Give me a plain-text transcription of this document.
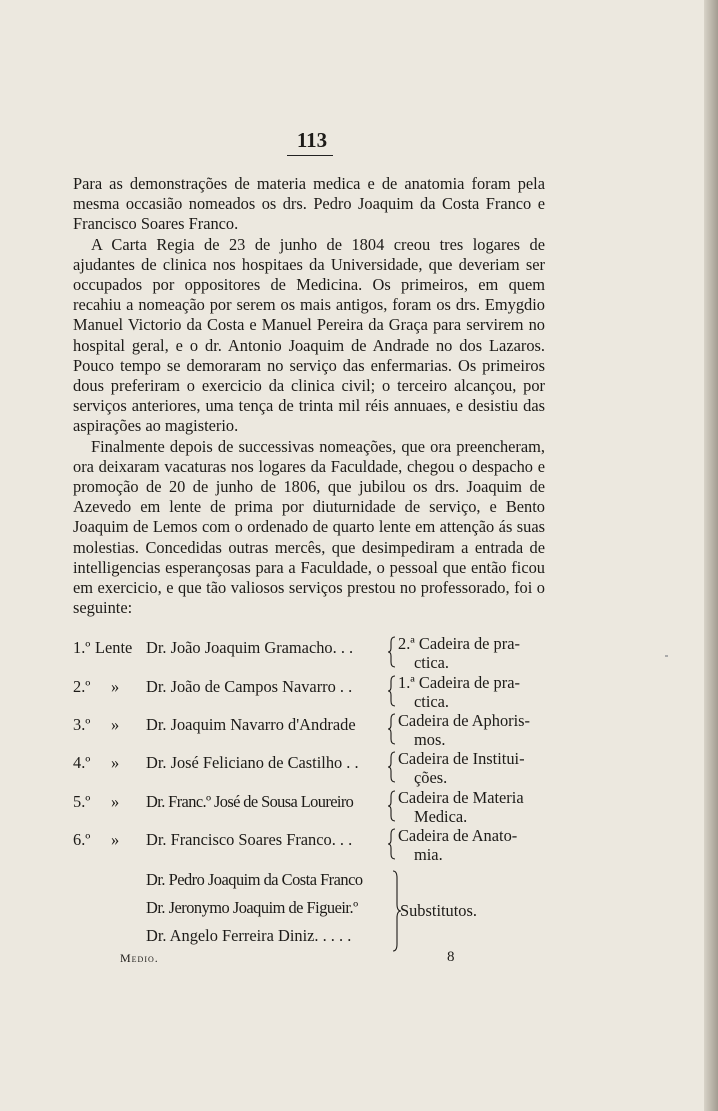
113

Para as demonstrações de materia medica e de anatomia foram pela mesma occasião nomeados os drs. Pedro Joaquim da Costa Franco e Francisco Soares Franco.

A Carta Regia de 23 de junho de 1804 creou tres logares de ajudantes de clinica nos hospitaes da Universidade, que deveriam ser occupados por oppositores de Medicina. Os primeiros, em quem recahiu a nomeação por serem os mais antigos, foram os drs. Emygdio Manuel Victorio da Costa e Manuel Pereira da Graça para servirem no hospital geral, e o dr. Antonio Joaquim de Andrade no dos Lazaros. Pouco tempo se demoraram no serviço das enfermarias. Os primeiros dous preferiram o exercicio da clinica civil; o terceiro alcançou, por serviços anteriores, uma tença de trinta mil réis annuaes, e desistiu das aspirações ao magisterio.

Finalmente depois de successivas nomeações, que ora preencheram, ora deixaram vacaturas nos logares da Faculdade, chegou o despacho e promoção de 20 de junho de 1806, que jubilou os drs. Joaquim de Azevedo em lente de prima por diuturnidade de serviço, e Bento Joaquim de Lemos com o ordenado de quarto lente em attenção ás suas molestias. Concedidas outras mercês, que desimpediram a entrada de intelligencias esperançosas para a Faculdade, o pessoal que então ficou em exercicio, e que tão valiosos serviços prestou no professorado, foi o seguinte:

1.º Lente Dr. João Joaquim Gramacho. . .	2.ª Cadeira de pra-
ctica.
2.º » Dr. João de Campos Navarro . .	1.ª Cadeira de pra-
ctica.
3.º » Dr. Joaquim Navarro d'Andrade	Cadeira de Aphoris-
mos.
4.º » Dr. José Feliciano de Castilho . . Cadeira de Institui-
ções.
5.º » Dr. Franc.º José de Sousa Loureiro	Cadeira de Materia
Medica.
6.º » Dr. Francisco Soares Franco. . .	Cadeira de Anato-
mia.
Dr. Pedro Joaquim da Costa Franco
Dr. Jeronymo Joaquim de Figueir.º
Dr. Angelo Ferreira Diniz. . . . .
Substitutos.
Medio.	8
